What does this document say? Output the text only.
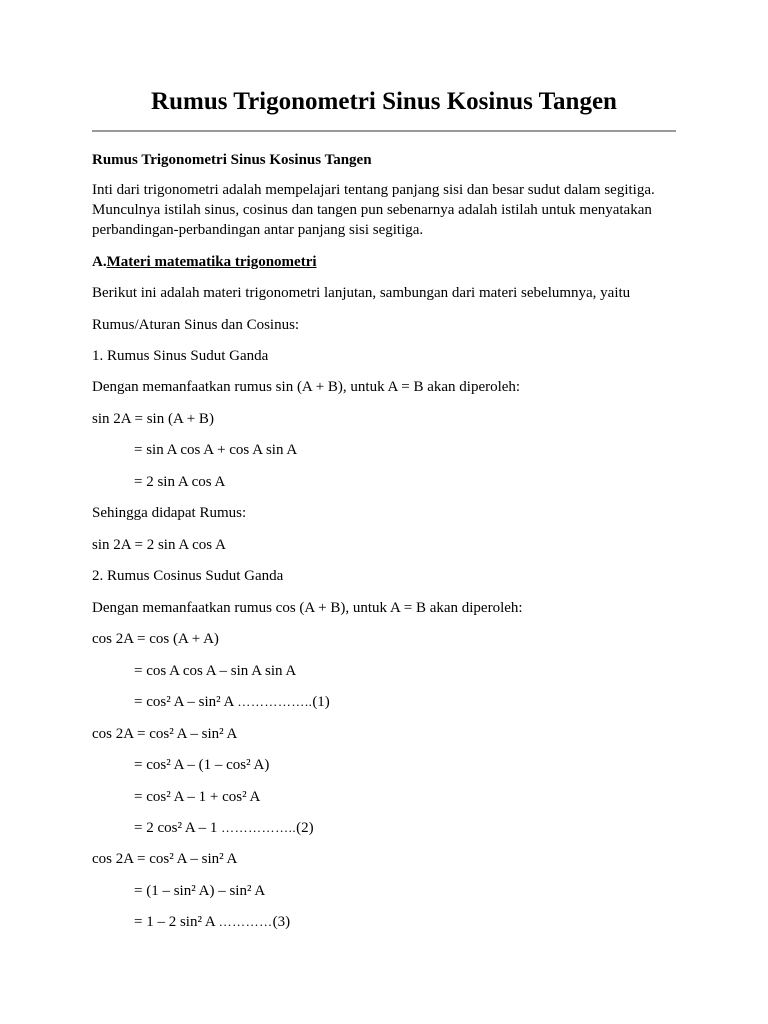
Rumus Trigonometri Sinus Kosinus Tangen
Rumus Trigonometri Sinus Kosinus Tangen
Inti dari trigonometri adalah mempelajari tentang panjang sisi dan besar sudut dalam segitiga.
Munculnya istilah sinus, cosinus dan tangen pun sebenarnya adalah istilah untuk menyatakan
perbandingan-perbandingan antar panjang sisi segitiga.
A.Materi matematika trigonometri
Berikut ini adalah materi trigonometri lanjutan, sambungan dari materi sebelumnya, yaitu
Rumus/Aturan Sinus dan Cosinus:
1. Rumus Sinus Sudut Ganda
Dengan memanfaatkan rumus sin (A + B), untuk A = B akan diperoleh:
sin 2A = sin (A + B)
= sin A cos A + cos A sin A
= 2 sin A cos A
Sehingga didapat Rumus:
sin 2A = 2 sin A cos A
2. Rumus Cosinus Sudut Ganda
Dengan memanfaatkan rumus cos (A + B), untuk A = B akan diperoleh:
cos 2A = cos (A + A)
= cos A cos A – sin A sin A
= cos² A – sin² A ……………..(1)
cos 2A = cos² A – sin² A
= cos² A – (1 – cos² A)
= cos² A – 1 + cos² A
= 2 cos² A – 1 ……………..(2)
cos 2A = cos² A – sin² A
= (1 – sin² A) – sin² A
= 1 – 2 sin² A …………(3)
